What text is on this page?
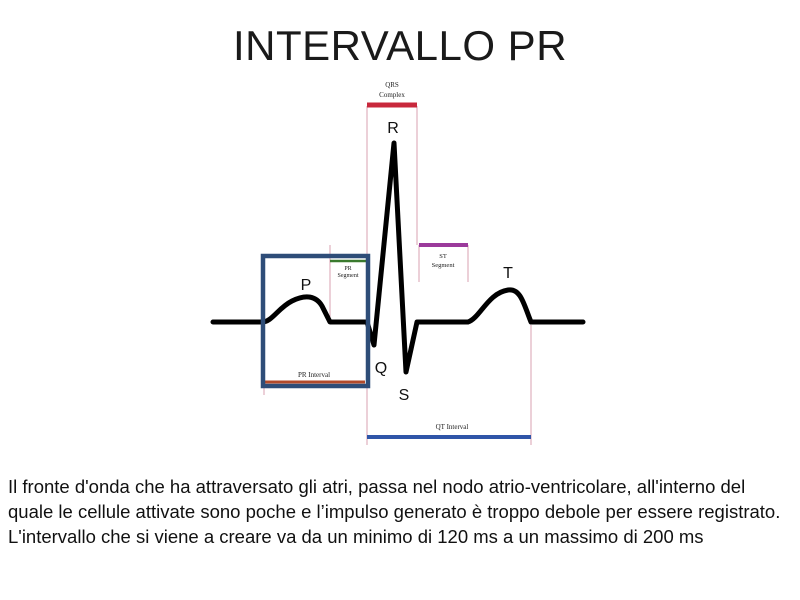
INTERVALLO PR
P
Q
R
S
T
QRS
Complex
PR
Segment
ST
Segment
PR Interval
QT Interval
Il fronte d'onda che ha attraversato gli atri, passa nel nodo atrio-ventricolare, all'interno del quale le cellule attivate sono poche e l’impulso generato è troppo debole per essere registrato. L'intervallo che si viene a creare va da un minimo di 120 ms a un massimo di 200 ms
